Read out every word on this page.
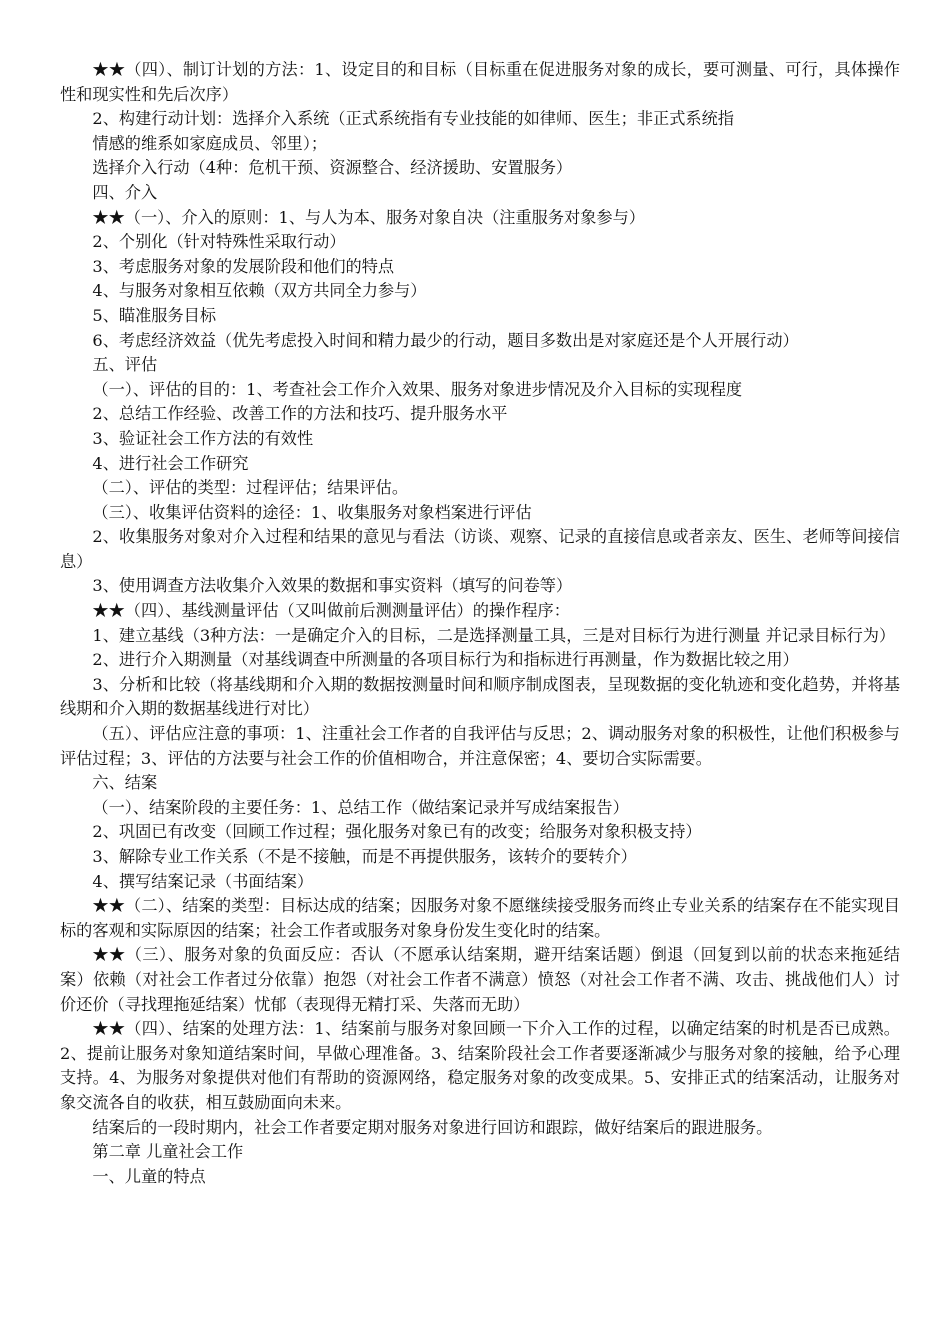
★★（四）、制订计划的方法：1、设定目的和目标（目标重在促进服务对象的成长，要可测量、可行，具体操作性和现实性和先后次序）

2、构建行动计划：选择介入系统（正式系统指有专业技能的如律师、医生；非正式系统指

情感的维系如家庭成员、邻里）；

选择介入行动（4种：危机干预、资源整合、经济援助、安置服务）

四、介入

★★（一）、介入的原则：1、与人为本、服务对象自决（注重服务对象参与）

2、个别化（针对特殊性采取行动）

3、考虑服务对象的发展阶段和他们的特点

4、与服务对象相互依赖（双方共同全力参与）

5、瞄准服务目标

6、考虑经济效益（优先考虑投入时间和精力最少的行动，题目多数出是对家庭还是个人开展行动）

五、评估

（一）、评估的目的：1、考查社会工作介入效果、服务对象进步情况及介入目标的实现程度

2、总结工作经验、改善工作的方法和技巧、提升服务水平

3、验证社会工作方法的有效性

4、进行社会工作研究

（二）、评估的类型：过程评估；结果评估。

（三）、收集评估资料的途径：1、收集服务对象档案进行评估

2、收集服务对象对介入过程和结果的意见与看法（访谈、观察、记录的直接信息或者亲友、医生、老师等间接信息）

3、使用调查方法收集介入效果的数据和事实资料（填写的问卷等）

★★（四）、基线测量评估（又叫做前后测测量评估）的操作程序：

1、建立基线（3种方法：一是确定介入的目标，二是选择测量工具，三是对目标行为进行测量 并记录目标行为）

2、进行介入期测量（对基线调查中所测量的各项目标行为和指标进行再测量，作为数据比较之用）

3、分析和比较（将基线期和介入期的数据按测量时间和顺序制成图表，呈现数据的变化轨迹和变化趋势，并将基线期和介入期的数据基线进行对比）

（五）、评估应注意的事项：1、注重社会工作者的自我评估与反思；2、调动服务对象的积极性，让他们积极参与评估过程；3、评估的方法要与社会工作的价值相吻合，并注意保密；4、要切合实际需要。

六、结案

（一）、结案阶段的主要任务：1、总结工作（做结案记录并写成结案报告）

2、巩固已有改变（回顾工作过程；强化服务对象已有的改变；给服务对象积极支持）

3、解除专业工作关系（不是不接触，而是不再提供服务，该转介的要转介）

4、撰写结案记录（书面结案）

★★（二）、结案的类型：目标达成的结案；因服务对象不愿继续接受服务而终止专业关系的结案存在不能实现目标的客观和实际原因的结案；社会工作者或服务对象身份发生变化时的结案。

★★（三）、服务对象的负面反应：否认（不愿承认结案期，避开结案话题）倒退（回复到以前的状态来拖延结案）依赖（对社会工作者过分依靠）抱怨（对社会工作者不满意）愤怒（对社会工作者不满、攻击、挑战他们人）讨价还价（寻找理拖延结案）忧郁（表现得无精打采、失落而无助）

★★（四）、结案的处理方法：1、结案前与服务对象回顾一下介入工作的过程，以确定结案的时机是否已成熟。2、提前让服务对象知道结案时间，早做心理准备。3、结案阶段社会工作者要逐渐减少与服务对象的接触，给予心理支持。4、为服务对象提供对他们有帮助的资源网络，稳定服务对象的改变成果。5、安排正式的结案活动，让服务对象交流各自的收获，相互鼓励面向未来。

结案后的一段时期内，社会工作者要定期对服务对象进行回访和跟踪，做好结案后的跟进服务。

第二章 儿童社会工作

一、儿童的特点
